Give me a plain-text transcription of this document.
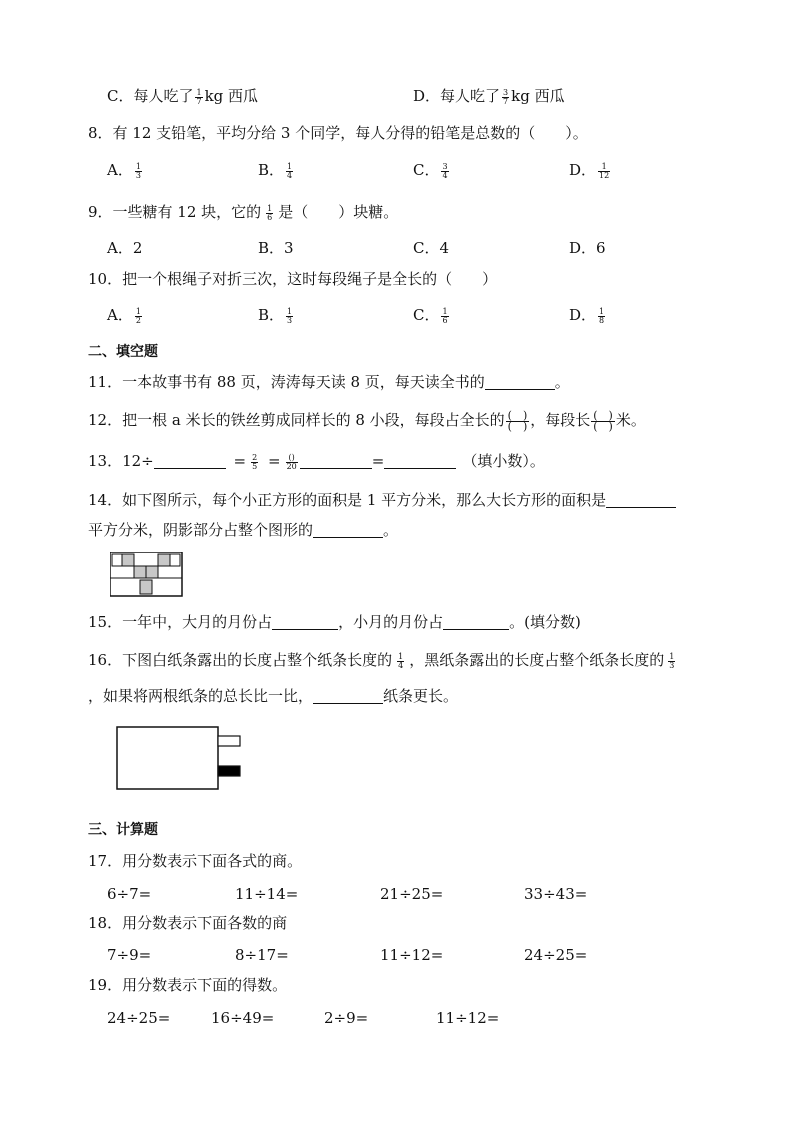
C．每人吃了 $\frac{1}{7}$ kg 西瓜	D．每人吃了 $\frac{3}{7}$ kg 西瓜
8．有 12 支铅笔，平均分给 3 个同学，每人分得的铅笔是总数的（　　）。
A． $\frac{1}{3}$	B． $\frac{1}{4}$	C． $\frac{3}{4}$	D． $\frac{1}{12}$
9．一些糖有 12 块，它的 $\frac{1}{6}$ 是（　　）块糖。
A．2	B．3	C．4	D．6
10．把一个根绳子对折三次，这时每段绳子是全长的（　　）
A． $\frac{1}{2}$	B． $\frac{1}{3}$	C． $\frac{1}{6}$	D． $\frac{1}{8}$
二、填空题
11．一本故事书有 88 页，涛涛每天读 8 页，每天读全书的	。
12．把一根 a 米长的铁丝剪成同样长的 8 小段，每段占全长的 (　)
(　) ，每段长 (　)
(　) 米。
13．12÷	= $\frac{2}{5} = \frac{()}{20}$	=	（填小数）。
14．如下图所示，每个小正方形的面积是 1 平方分米，那么大长方形的面积是
平方分米，阴影部分占整个图形的	。
15．一年中，大月的月份占	，小月的月份占	。(填分数)
16．下图白纸条露出的长度占整个纸条长度的 $\frac{1}{4}$ ，黑纸条露出的长度占整个纸条长度的 $\frac{1}{3}$
，如果将两根纸条的总长比一比，	纸条更长。
三、计算题
17．用分数表示下面各式的商。
6÷7=	11÷14=	21÷25=	33÷43=
18．用分数表示下面各数的商
7÷9=	8÷17=	11÷12=	24÷25=
19．用分数表示下面的得数。
24÷25=	16÷49=	2÷9=	11÷12=
